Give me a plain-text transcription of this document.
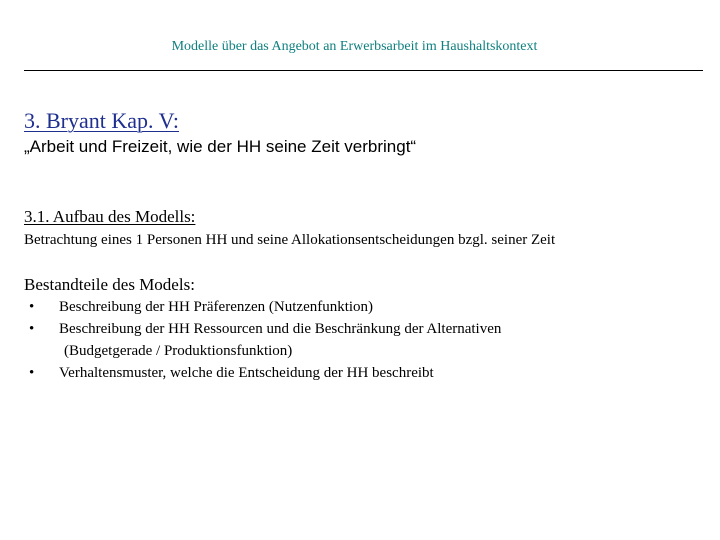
Modelle über das Angebot an Erwerbsarbeit im Haushaltskontext
3. Bryant Kap. V:
„Arbeit und Freizeit, wie der HH seine Zeit verbringt“
3.1. Aufbau des Modells:
Betrachtung eines 1 Personen HH und seine Allokationsentscheidungen bzgl. seiner Zeit
Bestandteile des Models:
• Beschreibung der HH Präferenzen (Nutzenfunktion)
• Beschreibung der HH Ressourcen und die Beschränkung der Alternativen
(Budgetgerade / Produktionsfunktion)
• Verhaltensmuster, welche die Entscheidung der HH beschreibt
